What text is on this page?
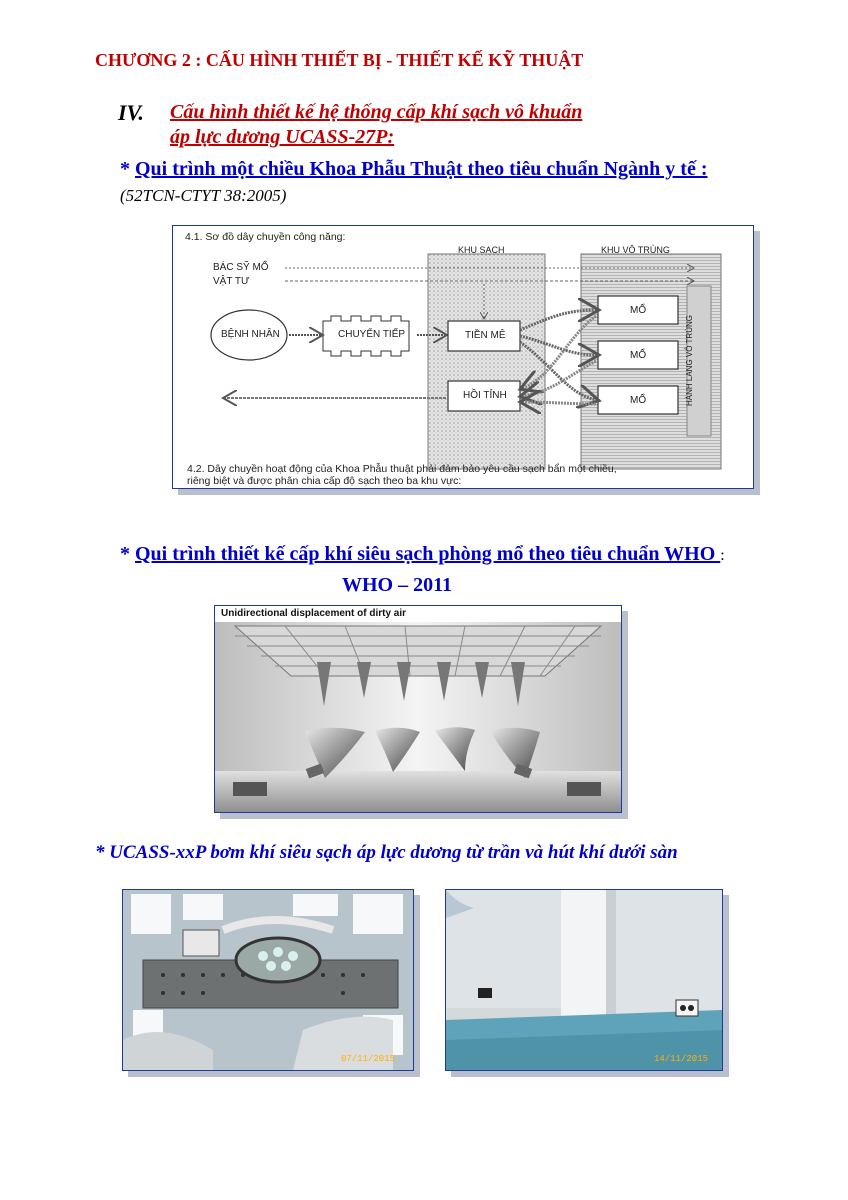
CHƯƠNG 2 : CẤU HÌNH THIẾT BỊ - THIẾT KẾ KỸ THUẬT
IV. Cấu hình thiết kế hệ thống cấp khí sạch vô khuẩn
áp lực dương UCASS-27P:
* Qui trình một chiều Khoa Phẫu Thuật theo tiêu chuẩn Ngành y tế :
(52TCN-CTYT 38:2005)
4.1. Sơ đồ dây chuyền công năng:
KHU SẠCH	KHU VÔ TRÙNG
BÁC SỸ MỔ
VẬT TƯ
BỆNH NHÂN	CHUYỂN TIẾP	TIỀN MÊ
HỒI TỈNH
MỔ
MỔ
MỔ	HÀNH LANG VÔ TRÙNG
4.2. Dây chuyền hoạt động của Khoa Phẫu thuật phải đảm bảo yêu cầu sạch bẩn một chiều,
riêng biệt và được phân chia cấp độ sạch theo ba khu vực:
* Qui trình thiết kế cấp khí siêu sạch phòng mổ theo tiêu chuẩn WHO :
WHO – 2011
Unidirectional displacement of dirty air
* UCASS-xxP bơm khí siêu sạch áp lực dương từ trần và hút khí dưới sàn
07/11/2015	14/11/2015
